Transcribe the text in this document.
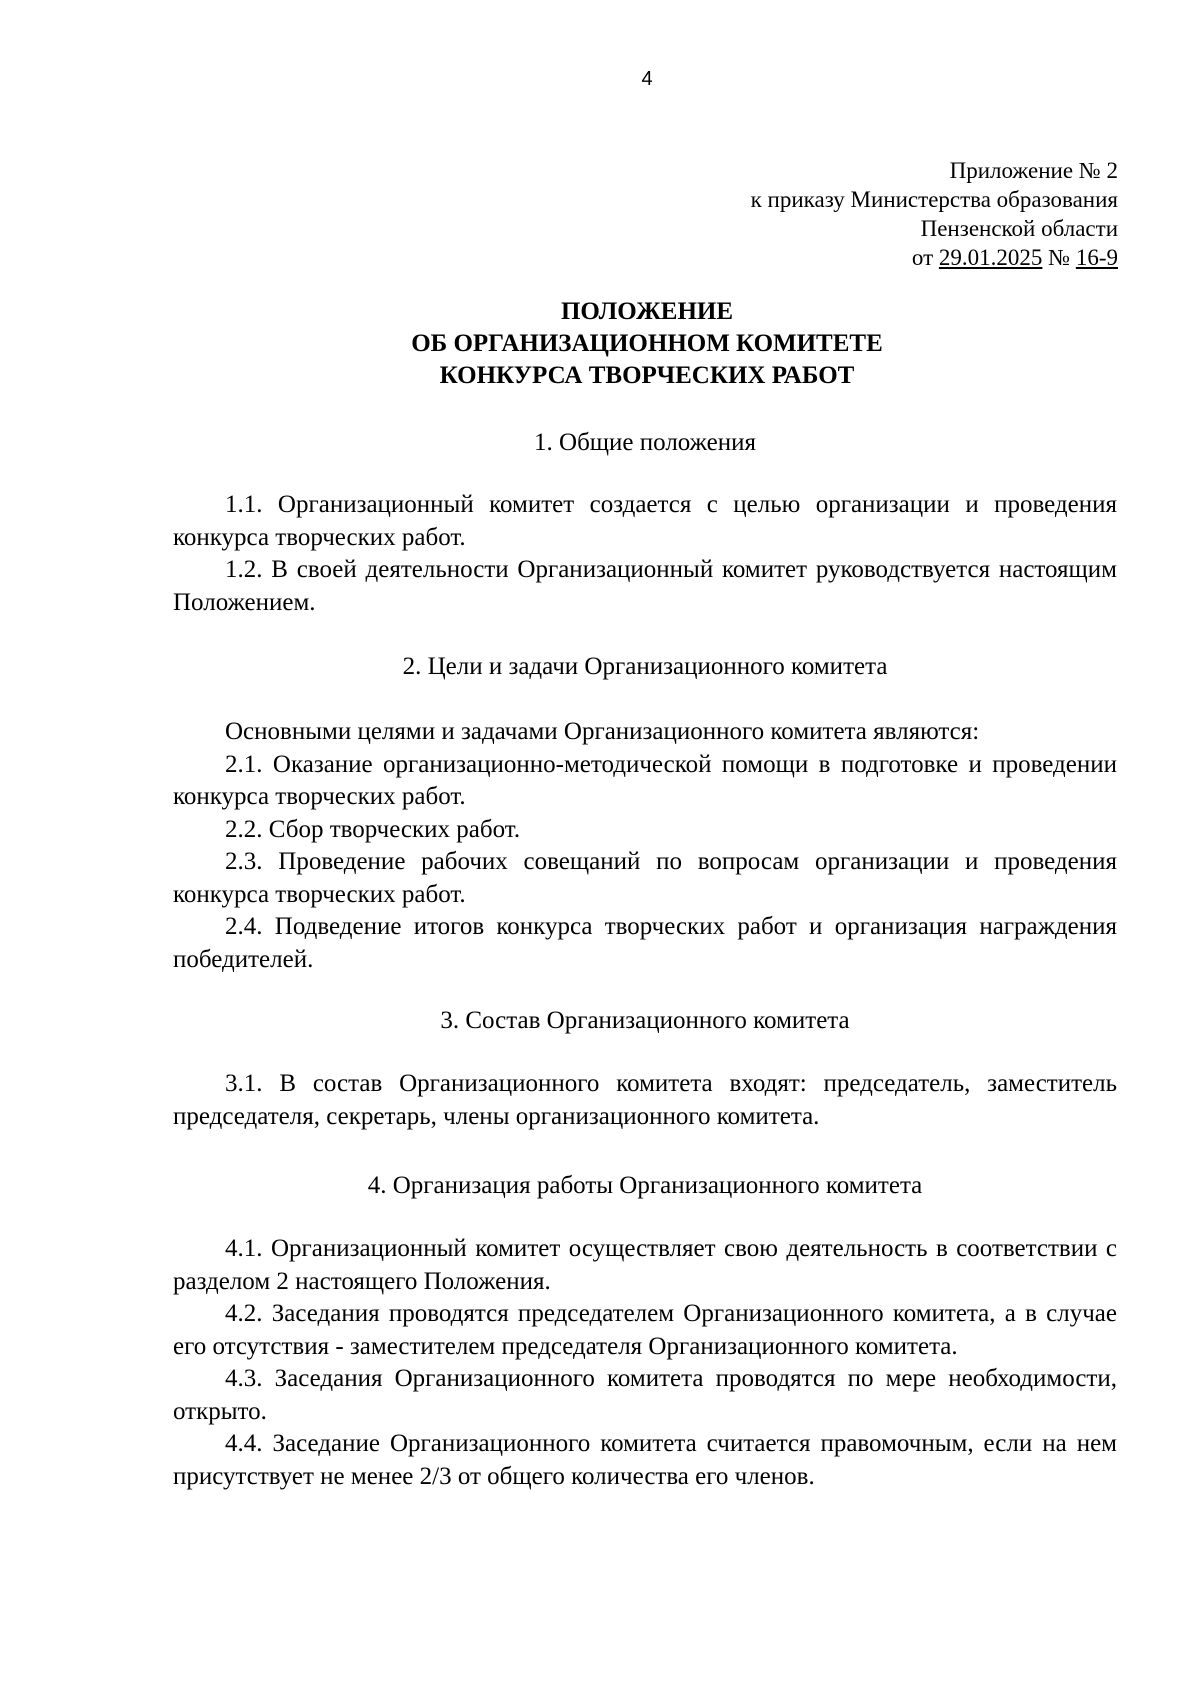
4
Приложение № 2
к приказу Министерства образования
Пензенской области
от 29.01.2025 № 16-9
ПОЛОЖЕНИЕ
ОБ ОРГАНИЗАЦИОННОМ КОМИТЕТЕ
КОНКУРСА ТВОРЧЕСКИХ РАБОТ

1. Общие положения

1.1. Организационный комитет создается с целью организации и проведения конкурса творческих работ.

1.2. В своей деятельности Организационный комитет руководствуется настоящим Положением.

2. Цели и задачи Организационного комитета

Основными целями и задачами Организационного комитета являются:

2.1. Оказание организационно-методической помощи в подготовке и проведении конкурса творческих работ.

2.2. Сбор творческих работ.

2.3. Проведение рабочих совещаний по вопросам организации и проведения конкурса творческих работ.

2.4. Подведение итогов конкурса творческих работ и организация награждения победителей.

3. Состав Организационного комитета

3.1. В состав Организационного комитета входят: председатель, заместитель председателя, секретарь, члены организационного комитета.

4. Организация работы Организационного комитета

4.1. Организационный комитет осуществляет свою деятельность в соответствии с разделом 2 настоящего Положения.

4.2. Заседания проводятся председателем Организационного комитета, а в случае его отсутствия - заместителем председателя Организационного комитета.

4.3. Заседания Организационного комитета проводятся по мере необходимости, открыто.

4.4. Заседание Организационного комитета считается правомочным, если на нем присутствует не менее 2/3 от общего количества его членов.
